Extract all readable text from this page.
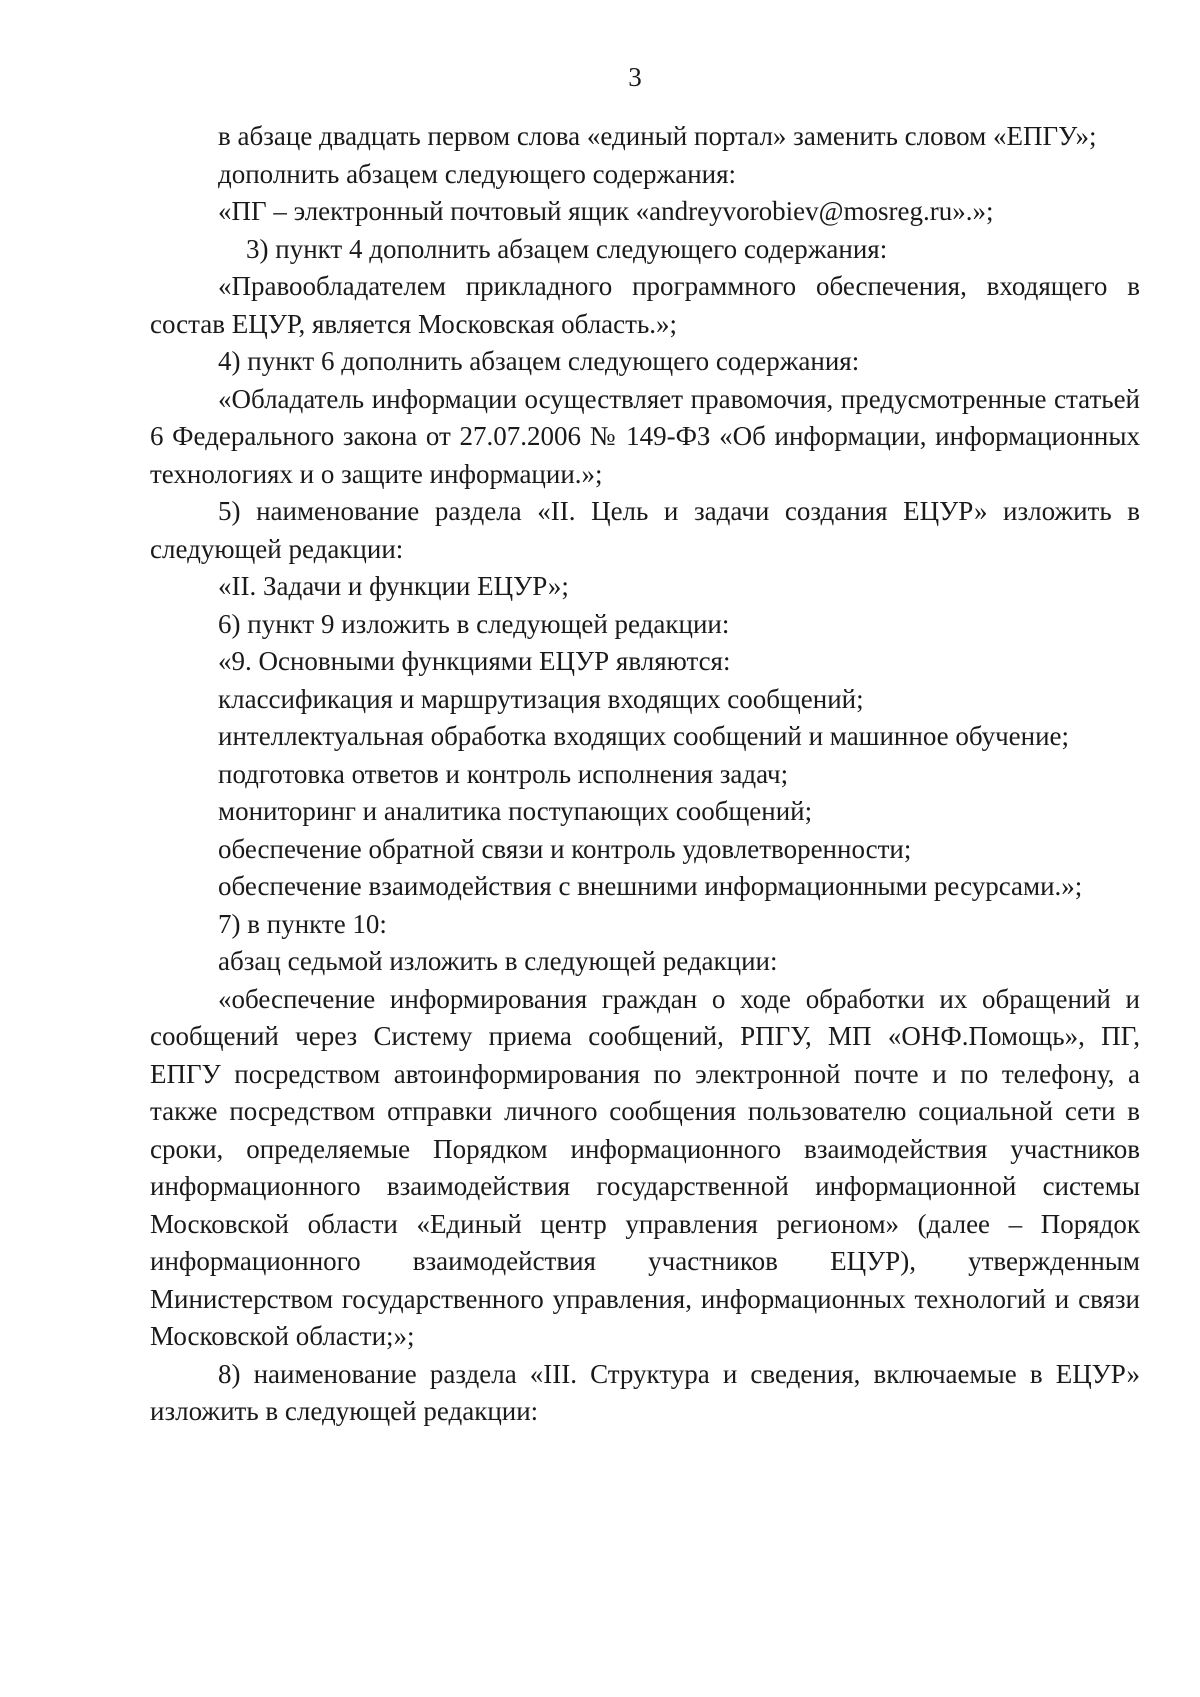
3

в абзаце двадцать первом слова «единый портал» заменить словом «ЕПГУ»;

дополнить абзацем следующего содержания:

«ПГ – электронный почтовый ящик «andreyvorobiev@mosreg.ru».»;

3) пункт 4 дополнить абзацем следующего содержания:

«Правообладателем прикладного программного обеспечения, входящего в состав ЕЦУР, является Московская область.»;

4) пункт 6 дополнить абзацем следующего содержания:

«Обладатель информации осуществляет правомочия, предусмотренные статьей 6 Федерального закона от 27.07.2006 № 149-ФЗ «Об информации, информационных технологиях и о защите информации.»;

5) наименование раздела «II. Цель и задачи создания ЕЦУР» изложить в следующей редакции:

«II. Задачи и функции ЕЦУР»;

6) пункт 9 изложить в следующей редакции:

«9. Основными функциями ЕЦУР являются:

классификация и маршрутизация входящих сообщений;

интеллектуальная обработка входящих сообщений и машинное обучение;

подготовка ответов и контроль исполнения задач;

мониторинг и аналитика поступающих сообщений;

обеспечение обратной связи и контроль удовлетворенности;

обеспечение взаимодействия с внешними информационными ресурсами.»;

7) в пункте 10:

абзац седьмой изложить в следующей редакции:

«обеспечение информирования граждан о ходе обработки их обращений и сообщений через Систему приема сообщений, РПГУ, МП «ОНФ.Помощь», ПГ, ЕПГУ посредством автоинформирования по электронной почте и по телефону, а также посредством отправки личного сообщения пользователю социальной сети в сроки, определяемые Порядком информационного взаимодействия участников информационного взаимодействия государственной информационной системы Московской области «Единый центр управления регионом» (далее – Порядок информационного взаимодействия участников ЕЦУР), утвержденным Министерством государственного управления, информационных технологий и связи Московской области;»;

8) наименование раздела «III. Структура и сведения, включаемые в ЕЦУР» изложить в следующей редакции:
